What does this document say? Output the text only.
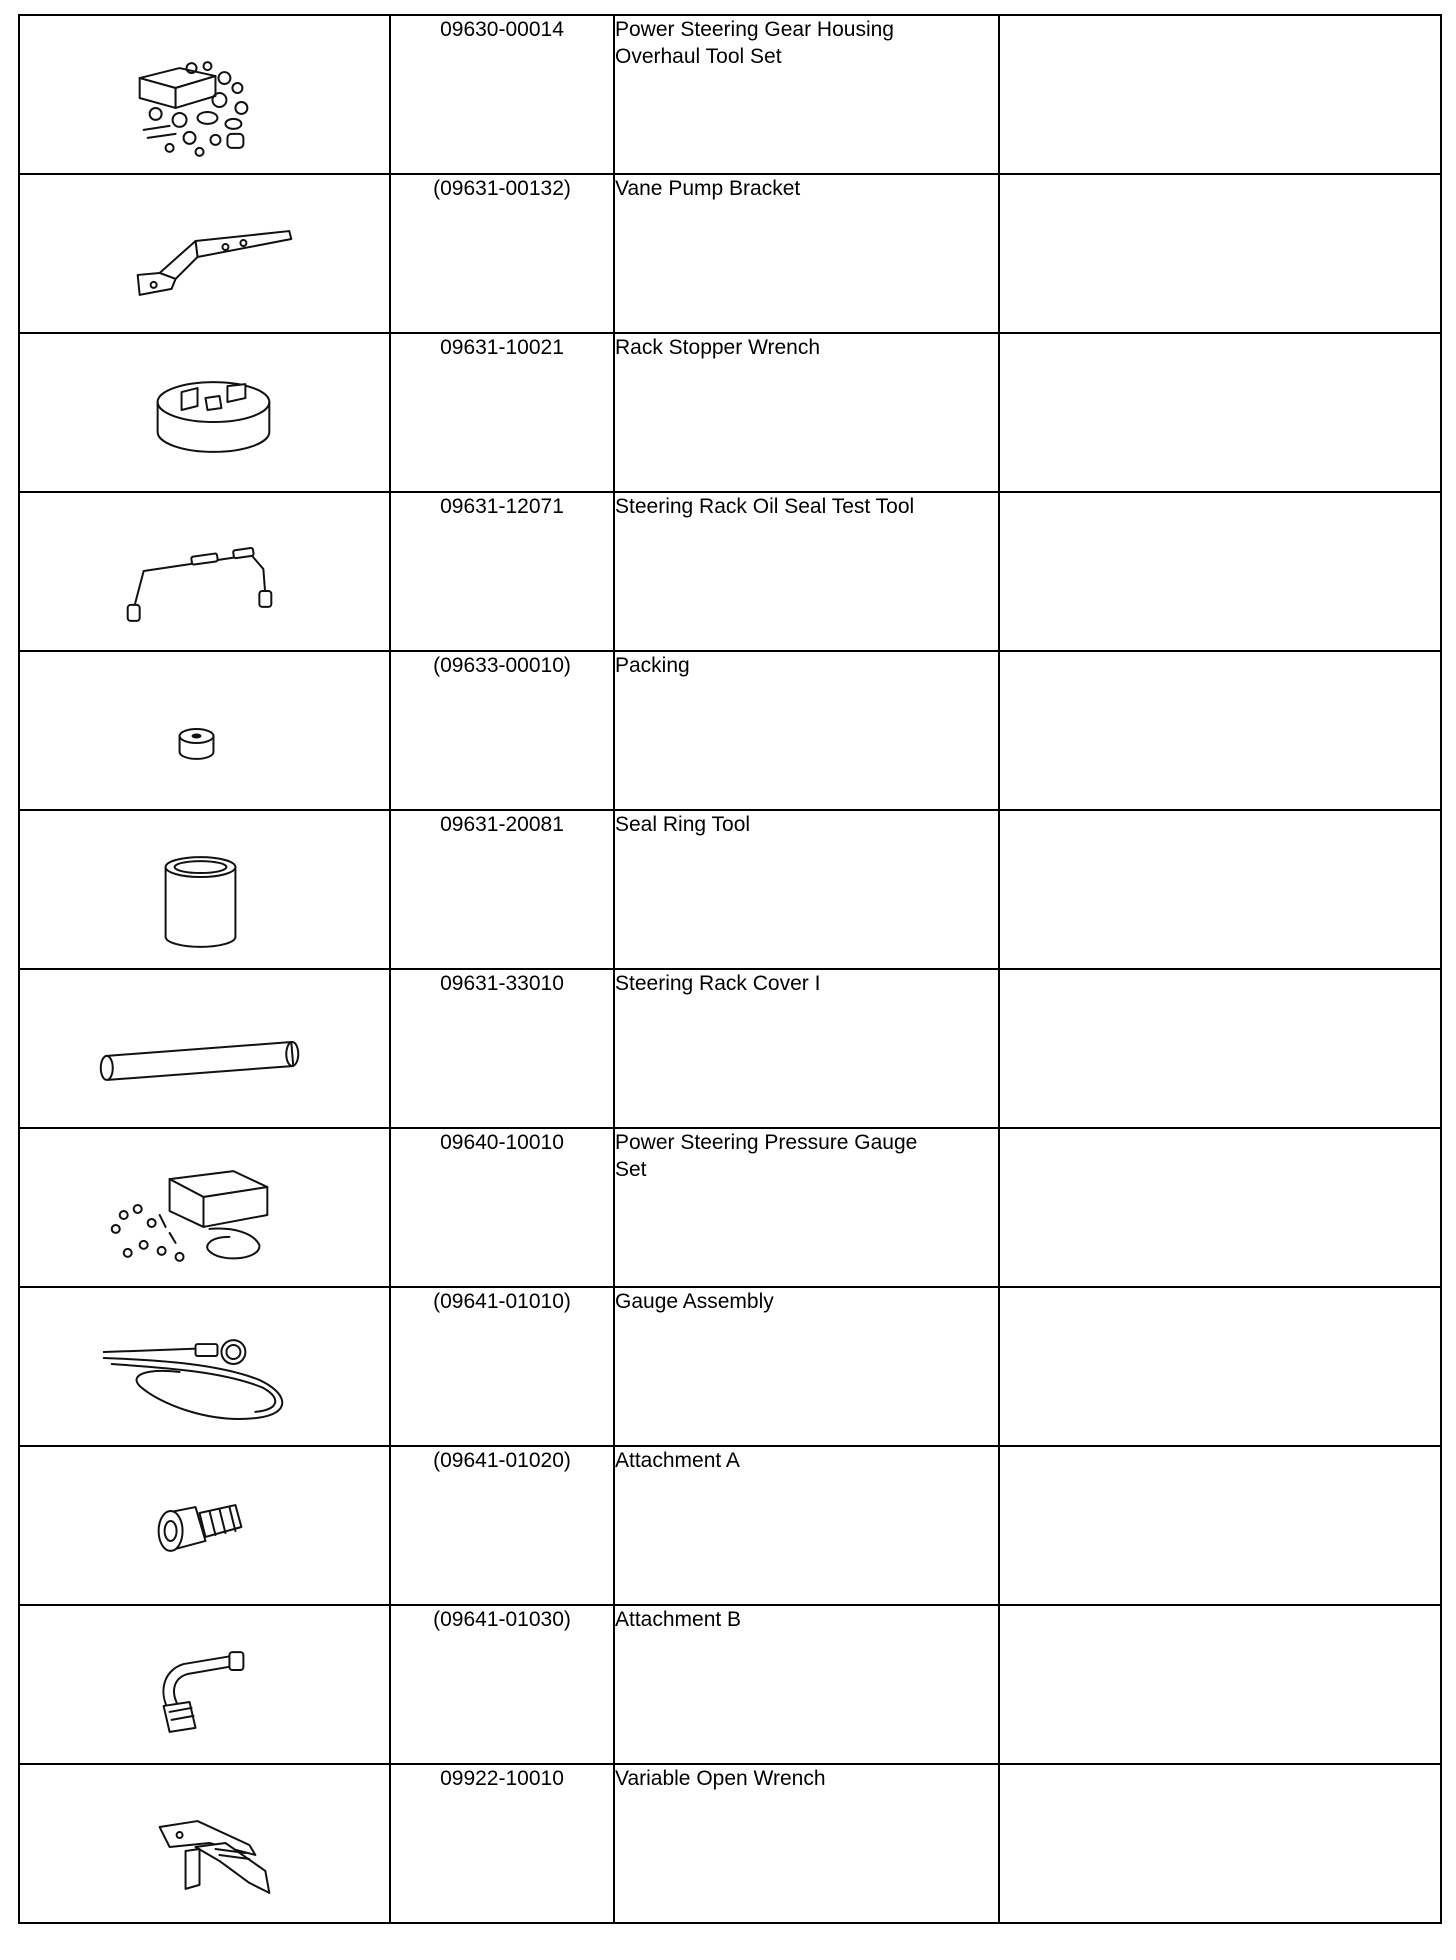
	09630-00014	Power Steering Gear Housing
Overhaul Tool Set	

	(09631-00132)	Vane Pump Bracket	

	09631-10021	Rack Stopper Wrench	

	09631-12071	Steering Rack Oil Seal Test Tool	

	(09633-00010)	Packing	

	09631-20081	Seal Ring Tool	

	09631-33010	Steering Rack Cover I	

	09640-10010	Power Steering Pressure Gauge
Set	

	(09641-01010)	Gauge Assembly	

	(09641-01020)	Attachment A	

	(09641-01030)	Attachment B	

	09922-10010	Variable Open Wrench	
